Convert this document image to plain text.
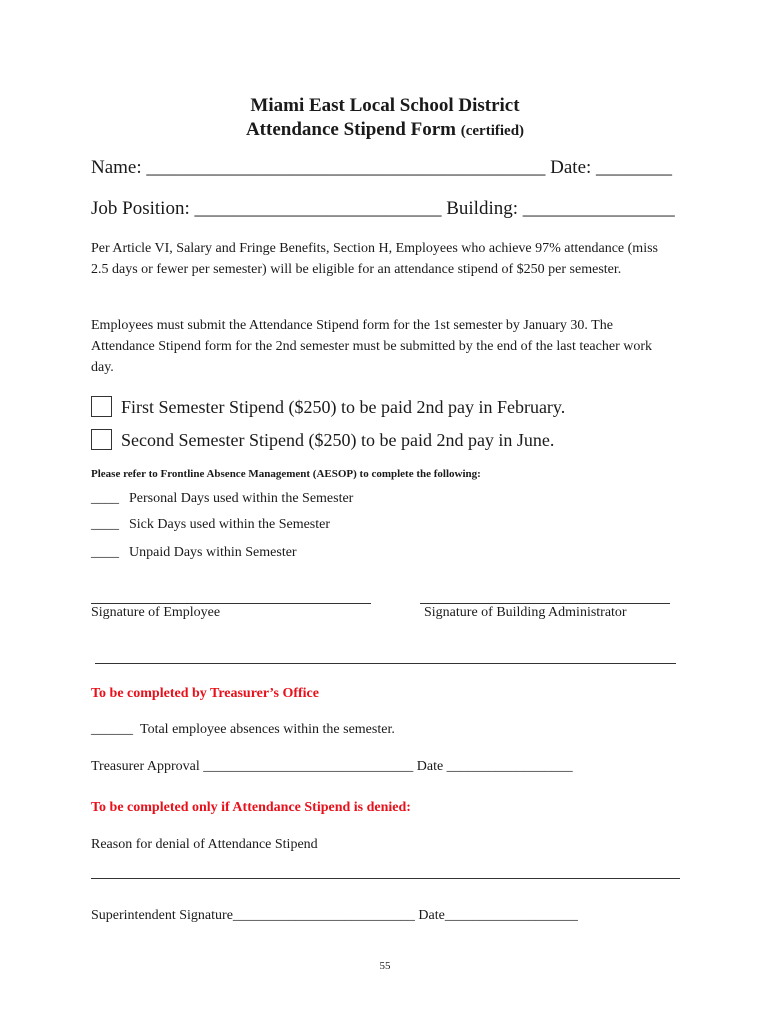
Miami East Local School District
Attendance Stipend Form (certified)
Name: __________________________________________ Date: ________
Job Position: __________________________ Building: ________________
Per Article VI, Salary and Fringe Benefits, Section H, Employees who achieve 97% attendance (miss 2.5 days or fewer per semester) will be eligible for an attendance stipend of $250 per semester.
Employees must submit the Attendance Stipend form for the 1st semester by January 30. The Attendance Stipend form for the 2nd semester must be submitted by the end of the last teacher work day.
First Semester Stipend ($250) to be paid 2nd pay in February.
Second Semester Stipend ($250) to be paid 2nd pay in June.
Please refer to Frontline Absence Management (AESOP) to complete the following:
____ Personal Days used within the Semester
____ Sick Days used within the Semester
____ Unpaid Days within Semester
Signature of Employee	Signature of Building Administrator
To be completed by Treasurer’s Office
______ Total employee absences within the semester.
Treasurer Approval ______________________________ Date __________________
To be completed only if Attendance Stipend is denied:
Reason for denial of Attendance Stipend
Superintendent Signature__________________________ Date___________________
55
